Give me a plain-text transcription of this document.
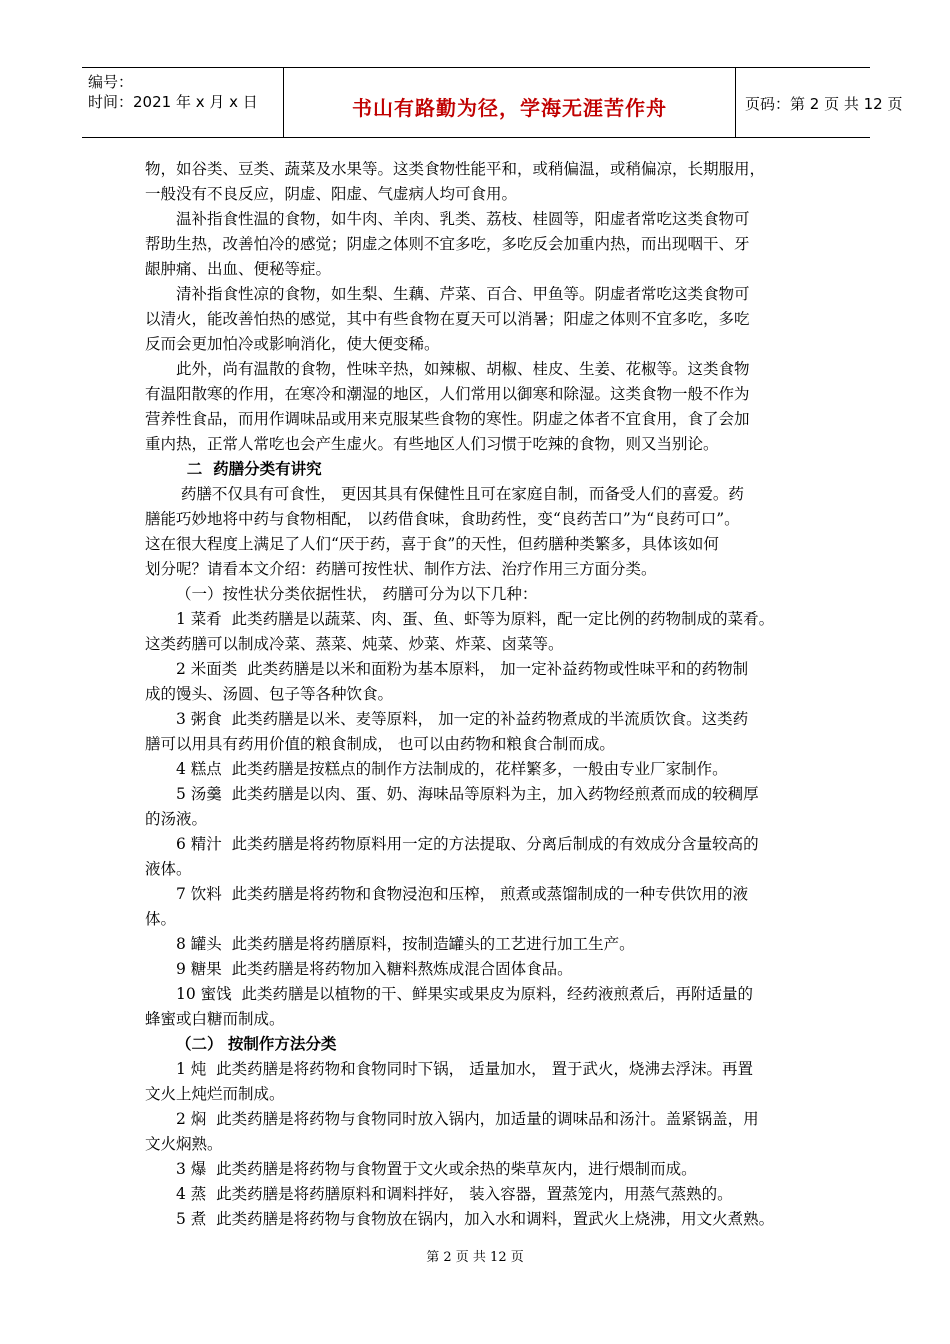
编号：
时间：2021 年 x 月 x 日	书山有路勤为径，学海无涯苦作舟	页码：第 2 页 共 12 页
物，如谷类、豆类、蔬菜及水果等。这类食物性能平和，或稍偏温，或稍偏凉，长期服用，
一般没有不良反应，阴虚、阳虚、气虚病人均可食用。
温补指食性温的食物，如牛肉、羊肉、乳类、荔枝、桂圆等，阳虚者常吃这类食物可
帮助生热，改善怕冷的感觉；阴虚之体则不宜多吃，多吃反会加重内热，而出现咽干、牙
龈肿痛、出血、便秘等症。
清补指食性凉的食物，如生梨、生藕、芹菜、百合、甲鱼等。阴虚者常吃这类食物可
以清火，能改善怕热的感觉，其中有些食物在夏天可以消暑；阳虚之体则不宜多吃，多吃
反而会更加怕冷或影响消化，使大便变稀。
此外，尚有温散的食物，性味辛热，如辣椒、胡椒、桂皮、生姜、花椒等。这类食物
有温阳散寒的作用，在寒冷和潮湿的地区，人们常用以御寒和除湿。这类食物一般不作为
营养性食品，而用作调味品或用来克服某些食物的寒性。阴虚之体者不宜食用，食了会加
重内热，正常人常吃也会产生虚火。有些地区人们习惯于吃辣的食物，则又当别论。
二  药膳分类有讲究
药膳不仅具有可食性， 更因其具有保健性且可在家庭自制，而备受人们的喜爱。药
膳能巧妙地将中药与食物相配， 以药借食味，食助药性，变“良药苦口”为“良药可口”。
这在很大程度上满足了人们“厌于药，喜于食”的天性，但药膳种类繁多，具体该如何
划分呢？请看本文介绍：药膳可按性状、制作方法、治疗作用三方面分类。
（一）按性状分类依据性状， 药膳可分为以下几种：
1 菜肴  此类药膳是以蔬菜、肉、蛋、鱼、虾等为原料，配一定比例的药物制成的菜肴。
这类药膳可以制成冷菜、蒸菜、炖菜、炒菜、炸菜、卤菜等。
2 米面类  此类药膳是以米和面粉为基本原料， 加一定补益药物或性味平和的药物制
成的馒头、汤圆、包子等各种饮食。
3 粥食  此类药膳是以米、麦等原料， 加一定的补益药物煮成的半流质饮食。这类药
膳可以用具有药用价值的粮食制成， 也可以由药物和粮食合制而成。
4 糕点  此类药膳是按糕点的制作方法制成的，花样繁多，一般由专业厂家制作。
5 汤羹  此类药膳是以肉、蛋、奶、海味品等原料为主，加入药物经煎煮而成的较稠厚
的汤液。
6 精汁  此类药膳是将药物原料用一定的方法提取、分离后制成的有效成分含量较高的
液体。
7 饮料  此类药膳是将药物和食物浸泡和压榨， 煎煮或蒸馏制成的一种专供饮用的液
体。
8 罐头  此类药膳是将药膳原料，按制造罐头的工艺进行加工生产。
9 糖果  此类药膳是将药物加入糖料熬炼成混合固体食品。
10 蜜饯  此类药膳是以植物的干、鲜果实或果皮为原料，经药液煎煮后，再附适量的
蜂蜜或白糖而制成。
（二） 按制作方法分类
1 炖  此类药膳是将药物和食物同时下锅， 适量加水， 置于武火，烧沸去浮沫。再置
文火上炖烂而制成。
2 焖  此类药膳是将药物与食物同时放入锅内，加适量的调味品和汤汁。盖紧锅盖，用
文火焖熟。
3 爆  此类药膳是将药物与食物置于文火或余热的柴草灰内，进行煨制而成。
4 蒸  此类药膳是将药膳原料和调料拌好， 装入容器，置蒸笼内，用蒸气蒸熟的。
5 煮  此类药膳是将药物与食物放在锅内，加入水和调料，置武火上烧沸，用文火煮熟。
第 2 页 共 12 页
